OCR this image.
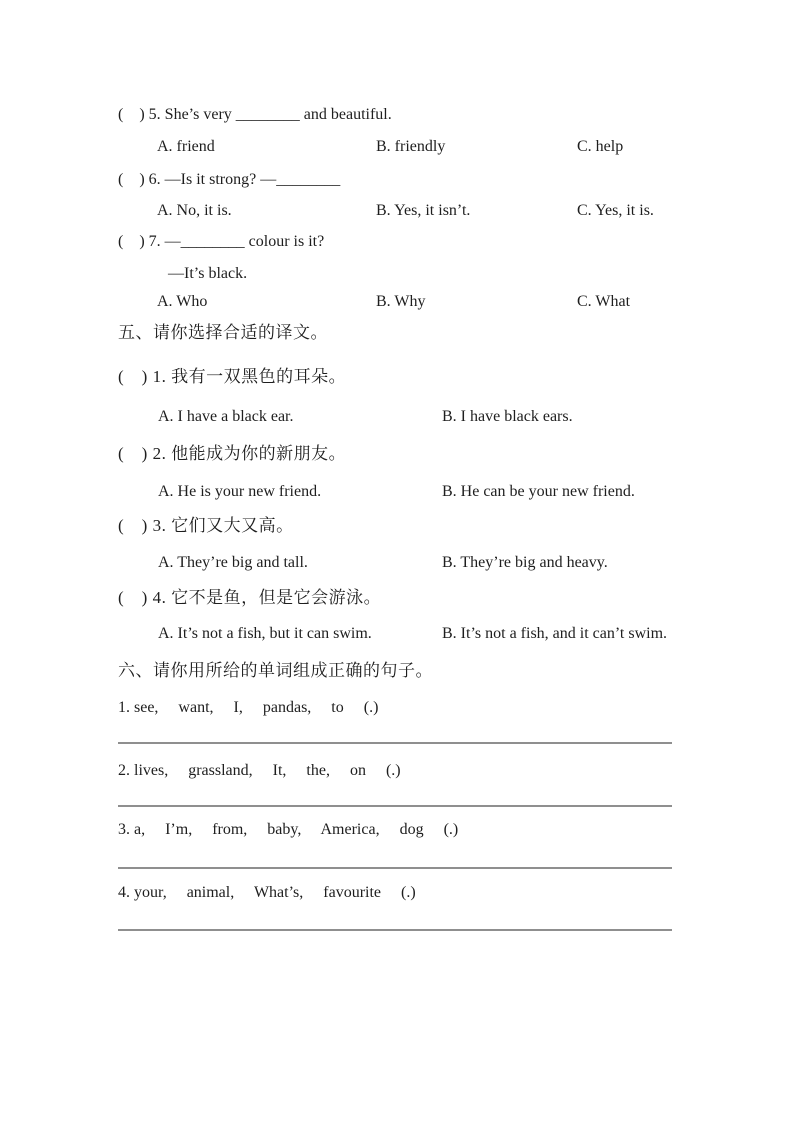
(　) 5. She’s very ________ and beautiful.

A. friend

	B. friendly

	C. help

(　) 6. —Is it strong? —________

A. No, it is.

	B. Yes, it isn’t.

	C. Yes, it is.

(　) 7. —________ colour is it?

—It’s black.

A. Who

	B. Why

	C. What

五、请你选择合适的译文。
(　) 1. 我有一双黑色的耳朵。

A. I have a black ear.

	B. I have black ears.

(　) 2. 他能成为你的新朋友。

A. He is your new friend.

	B. He can be your new friend.

(　) 3. 它们又大又高。

A. They’re big and tall.

	B. They’re big and heavy.

(　) 4. 它不是鱼，但是它会游泳。

A. It’s not a fish, but it can swim.

	B. It’s not a fish, and it can’t swim.

六、请你用所给的单词组成正确的句子。
1. see,     want,     I,     pandas,     to     (.)
2. lives,     grassland,     It,     the,     on     (.)
3. a,     I’m,     from,     baby,     America,     dog     (.)
4. your,     animal,     What’s,     favourite     (.)
